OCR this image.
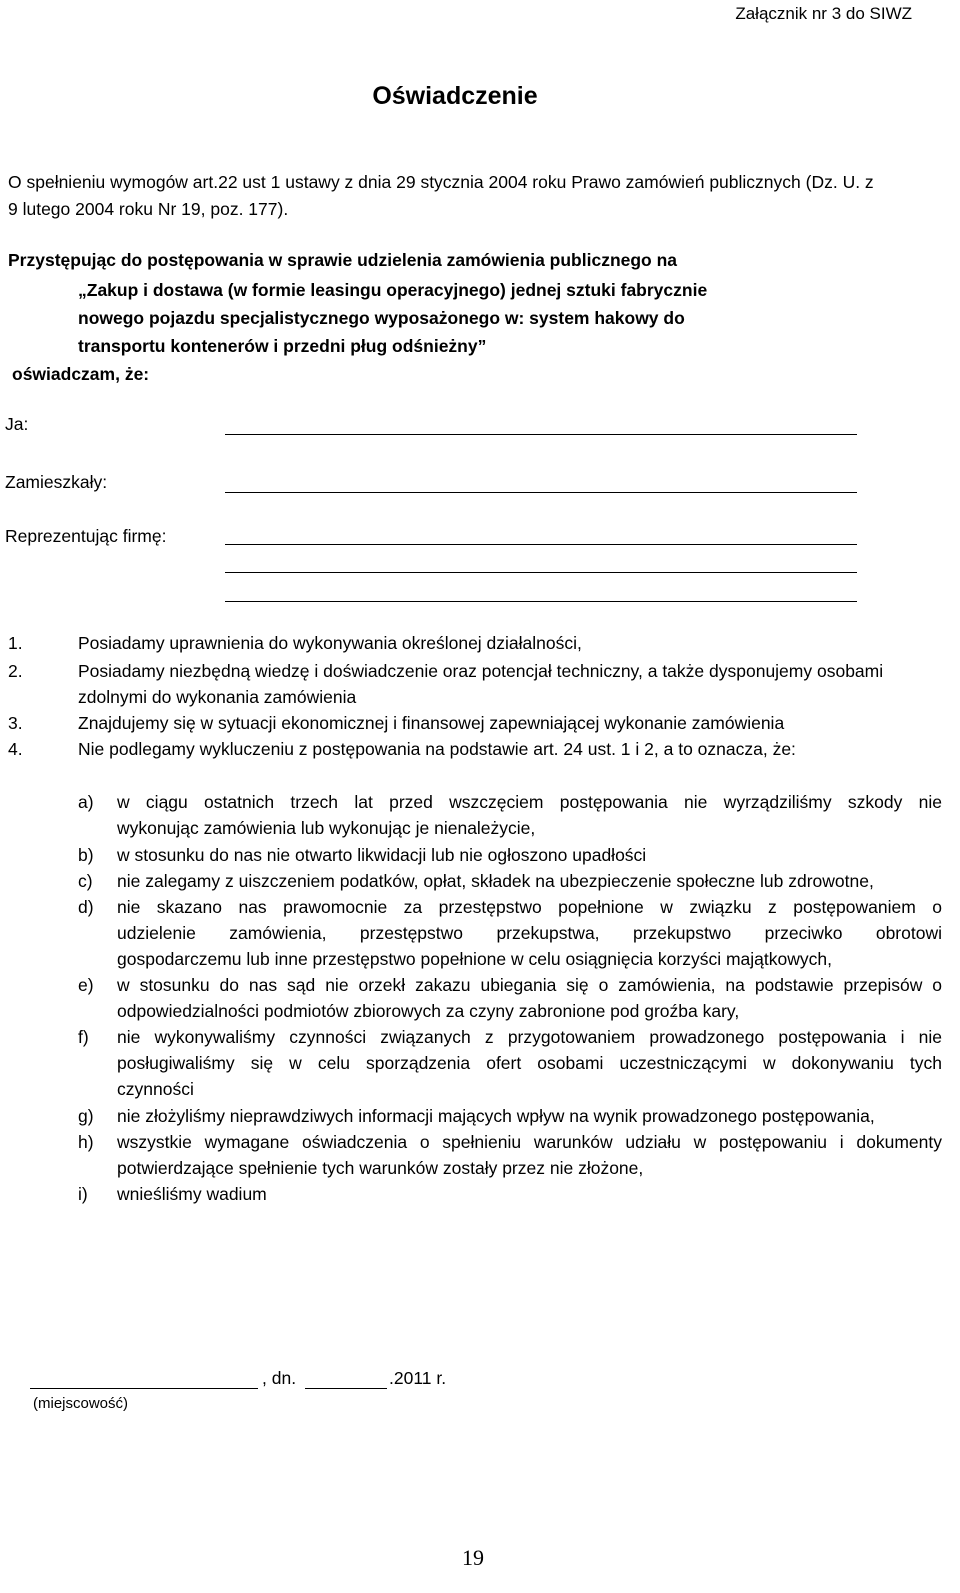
Załącznik nr 3 do SIWZ
Oświadczenie
O spełnieniu wymogów art.22 ust 1 ustawy z dnia 29 stycznia 2004 roku Prawo zamówień publicznych (Dz. U. z
9 lutego 2004 roku Nr 19, poz. 177).
Przystępując do postępowania w sprawie udzielenia zamówienia publicznego na
„Zakup i dostawa (w formie leasingu operacyjnego) jednej sztuki fabrycznie
nowego pojazdu specjalistycznego wyposażonego w: system hakowy do
transportu kontenerów i przedni pług odśnieżny”
oświadczam, że:
Ja:
Zamieszkały:
Reprezentując firmę:
1.	Posiadamy uprawnienia do wykonywania określonej działalności,
2.	Posiadamy niezbędną wiedzę i doświadczenie oraz potencjał techniczny, a także dysponujemy osobami
zdolnymi do wykonania zamówienia
3.	Znajdujemy się w sytuacji ekonomicznej i finansowej zapewniającej wykonanie zamówienia
4.	Nie podlegamy wykluczeniu z postępowania na podstawie art. 24 ust. 1 i 2, a to oznacza, że:
a) w ciągu ostatnich trzech lat przed wszczęciem postępowania nie wyrządziliśmy szkody nie
wykonując zamówienia lub wykonując je nienależycie,
b) w stosunku do nas nie otwarto likwidacji lub nie ogłoszono upadłości
c) nie zalegamy z uiszczeniem podatków, opłat, składek na ubezpieczenie społeczne lub zdrowotne,
d) nie skazano nas prawomocnie za przestępstwo popełnione w związku z postępowaniem o
udzielenie zamówienia, przestępstwo przekupstwa, przekupstwo przeciwko obrotowi
gospodarczemu lub inne przestępstwo popełnione w celu osiągnięcia korzyści majątkowych,
e) w stosunku do nas sąd nie orzekł zakazu ubiegania się o zamówienia, na podstawie przepisów o
odpowiedzialności podmiotów zbiorowych za czyny zabronione pod groźba kary,
f) nie wykonywaliśmy czynności związanych z przygotowaniem prowadzonego postępowania i nie
posługiwaliśmy się w celu sporządzenia ofert osobami uczestniczącymi w dokonywaniu tych
czynności
g) nie złożyliśmy nieprawdziwych informacji mających wpływ na wynik prowadzonego postępowania,
h) wszystkie wymagane oświadczenia o spełnieniu warunków udziału w postępowaniu i dokumenty
potwierdzające spełnienie tych warunków zostały przez nie złożone,
i) wnieśliśmy wadium
, dn.	.2011 r.
(miejscowość)
19
